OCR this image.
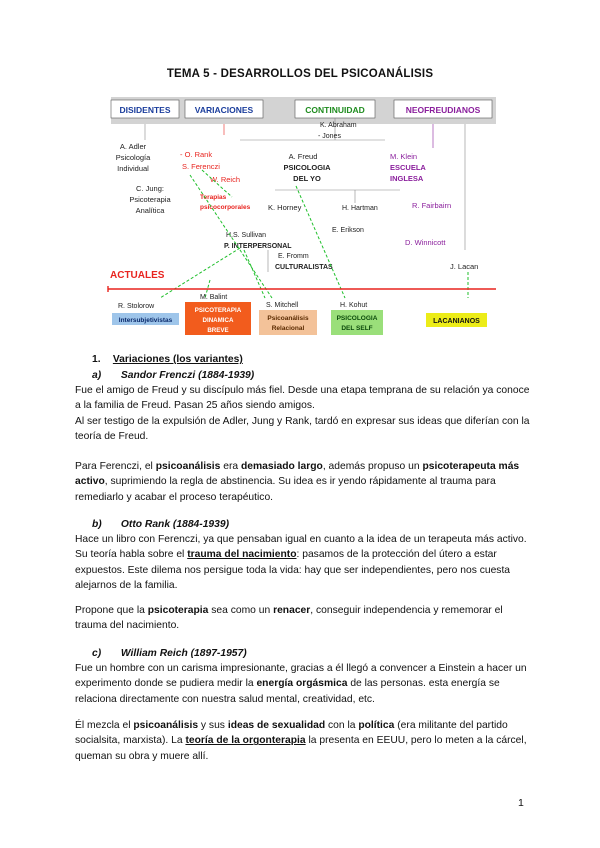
TEMA 5 - DESARROLLOS DEL PSICOANÁLISIS
DISIDENTES	VARIACIONES	CONTINUIDAD	NEOFREUDIANOS
A. Adler
Psicología
Individual
C. Jung:
Psicoterapia
Analítica
- O. Rank
S. Ferenczi
W. Reich
Terapias
psicocorporales
K. Abraham
- Jones
A. Freud
PSICOLOGIA
DEL YO
H. Hartman
E. Erikson
M. Klein
ESCUELA
INGLESA
R. Fairbairn
D. Winnicott
J. Lacan
K. Horney
H.S. Sullivan
P. INTERPERSONAL
E. Fromm
CULTURALISTAS
ACTUALES
R. Stolorow
M. Balint
S. Mitchell	H. Kohut
Intersubjetivistas
PSICOTERAPIA
DINAMICA
BREVE
Psicoanálisis
Relacional
PSICOLOGIA
DEL SELF
LACANIANOS
1. Variaciones (los variantes)
a) Sandor Frenczi (1884-1939)

Fue el amigo de Freud y su discípulo más fiel. Desde una etapa temprana de su relación ya conoce a la familia de Freud. Pasan 25 años siendo amigos.

Al ser testigo de la expulsión de Adler, Jung y Rank, tardó en expresar sus ideas que diferían con la teoría de Freud.

Para Ferenczi, el psicoanálisis era demasiado largo, además propuso un psicoterapeuta más activo, suprimiendo la regla de abstinencia. Su idea es ir yendo rápidamente al trauma para remediarlo y acabar el proceso terapéutico.

b) Otto Rank (1884-1939)

Hace un libro con Ferenczi, ya que pensaban igual en cuanto a la idea de un terapeuta más activo. Su teoría habla sobre el trauma del nacimiento: pasamos de la protección del útero a estar expuestos. Este dilema nos persigue toda la vida: hay que ser independientes, pero nos cuesta alejarnos de la familia.

Propone que la psicoterapia sea como un renacer, conseguir independencia y rememorar el trauma del nacimiento.

c) William Reich (1897-1957)

Fue un hombre con un carisma impresionante, gracias a él llegó a convencer a Einstein a hacer un experimento donde se pudiera medir la energía orgásmica de las personas. esta energía se relaciona directamente con nuestra salud mental, creatividad, etc.

Él mezcla el psicoanálisis y sus ideas de sexualidad con la política (era militante del partido socialsita, marxista). La teoría de la orgonterapia la presenta en EEUU, pero lo meten a la cárcel, queman su obra y muere allí.

1
